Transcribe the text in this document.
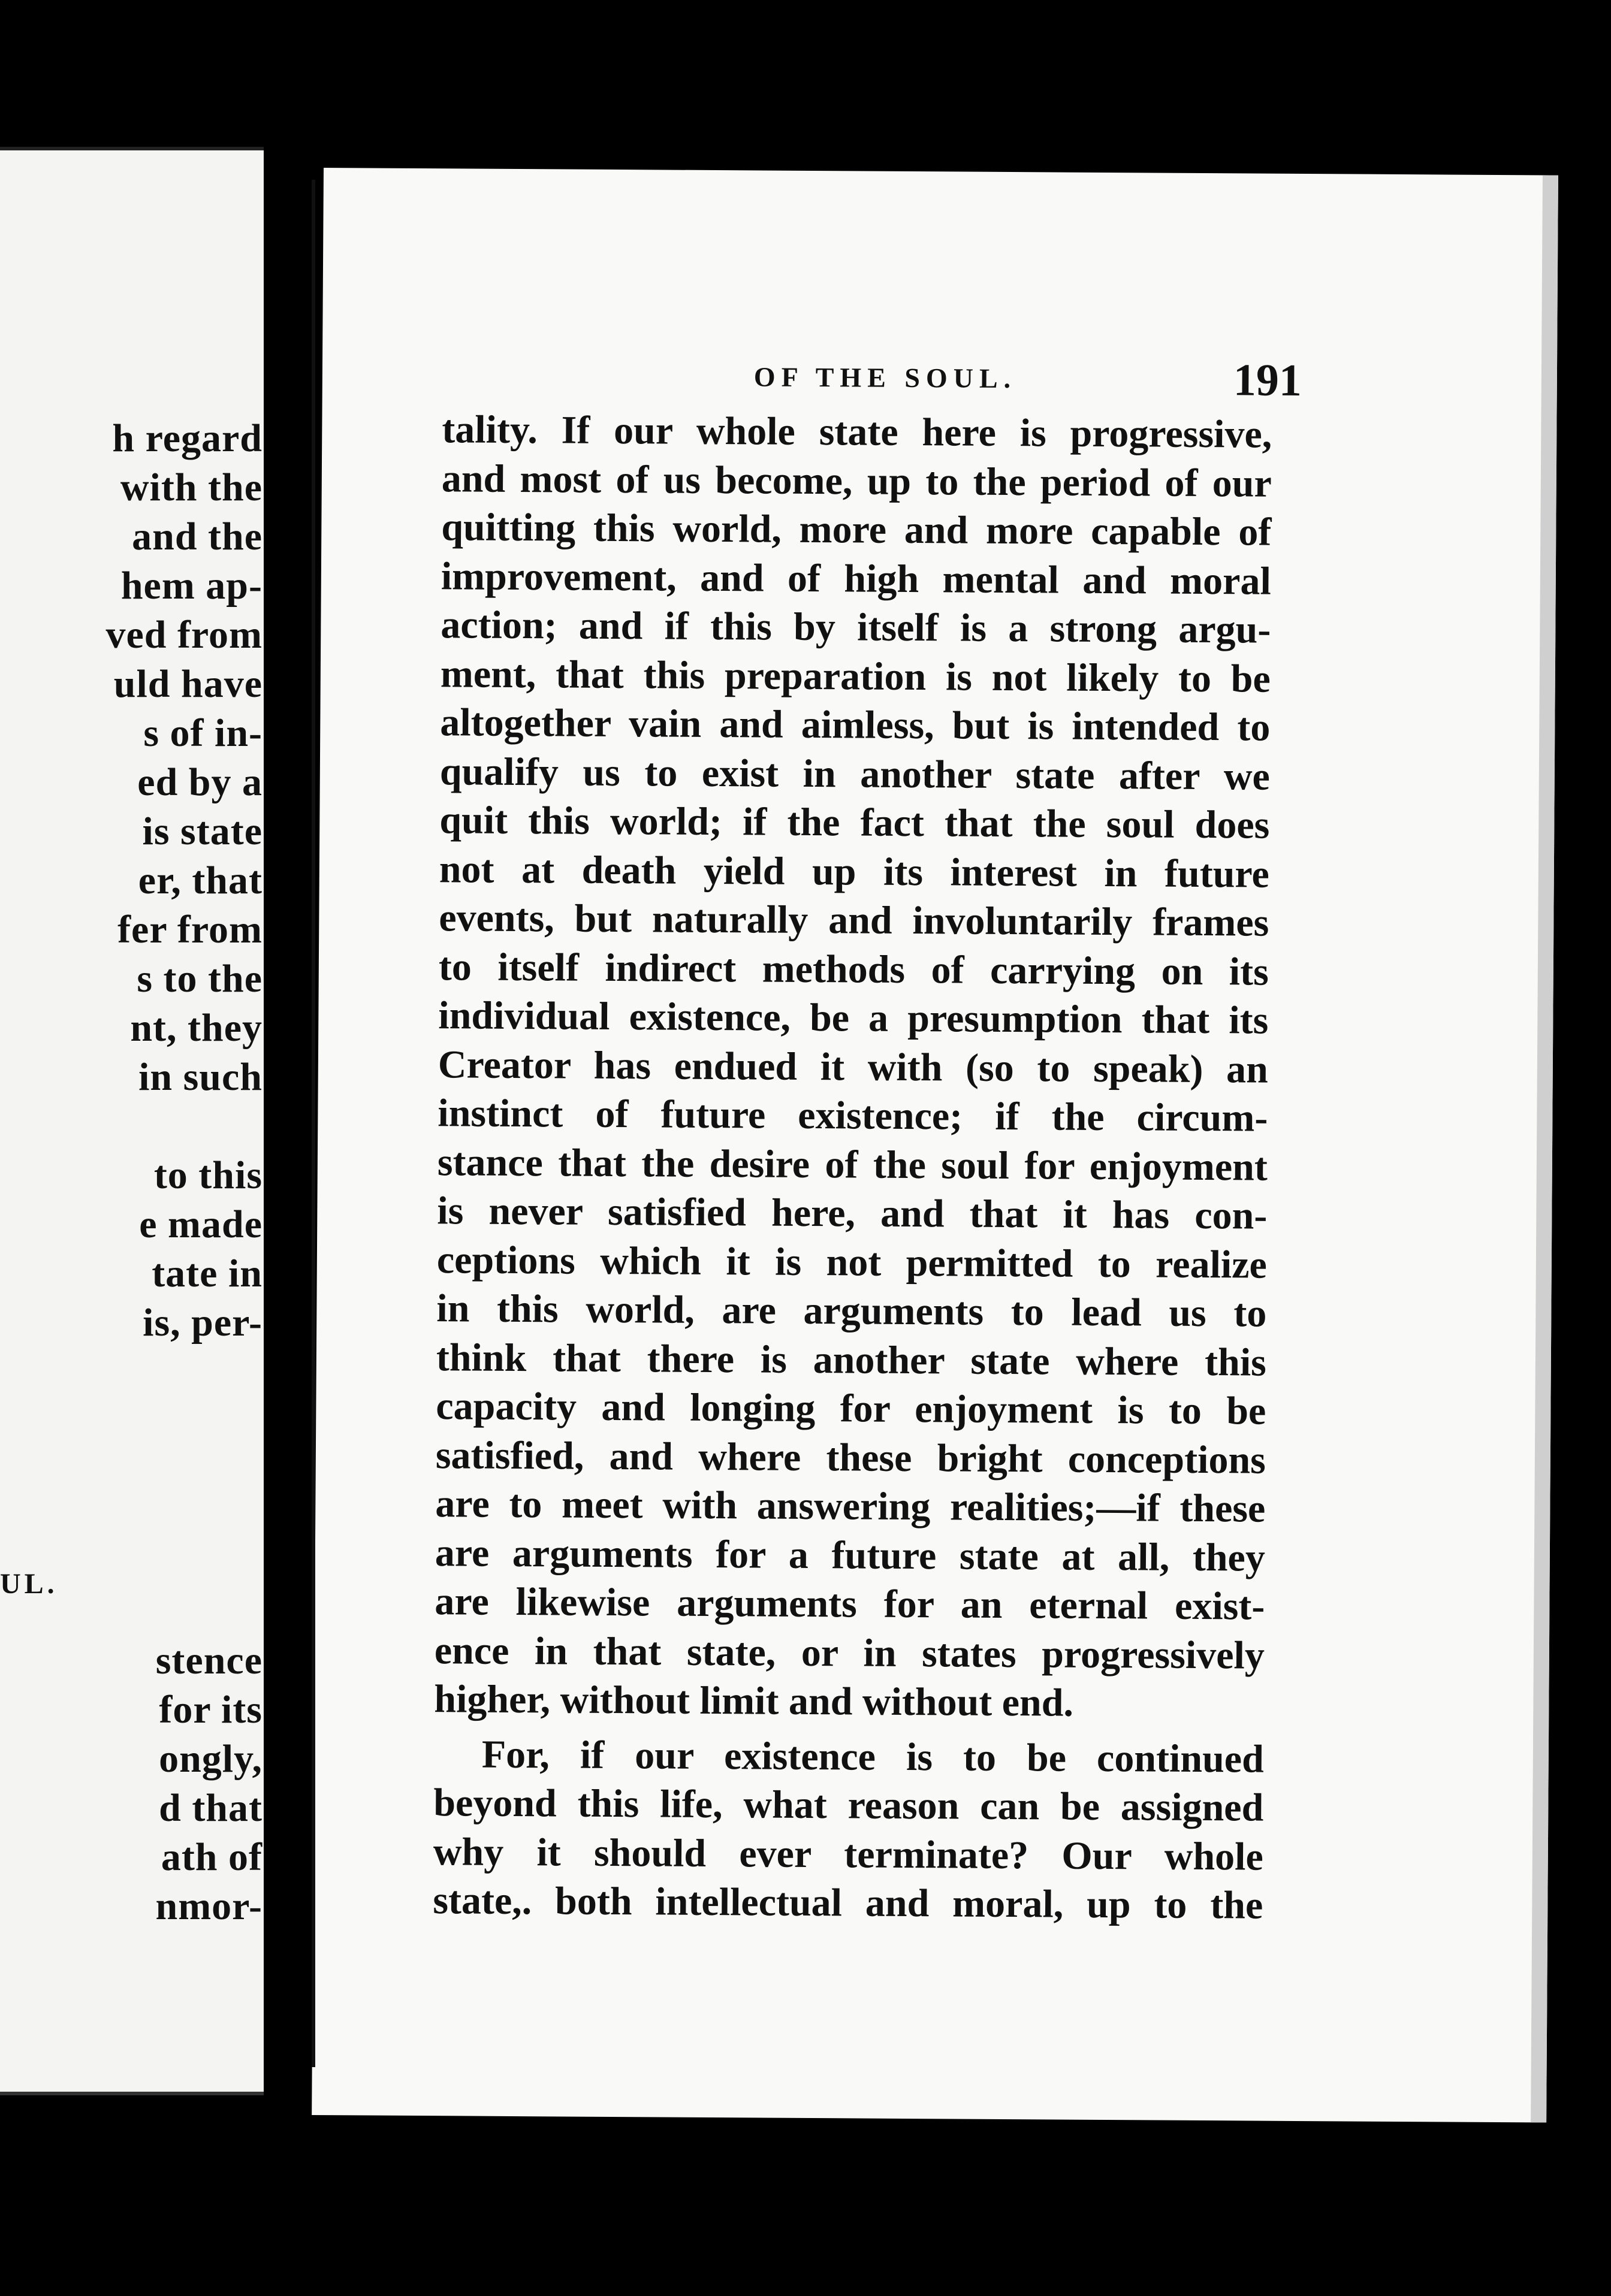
h regard
with the
and the
hem ap-
ved from
uld have
s of in-
ed by a
is state
er, that
fer from
s to the
nt, they
in such
to this
e made
tate in
is, per-
UL.
stence
for its
ongly,
d that
ath of
nmor-
OF THE SOUL.	191
tality. If our whole state here is progressive,
and most of us become, up to the period of our
quitting this world, more and more capable of
improvement, and of high mental and moral
action; and if this by itself is a strong argu-
ment, that this preparation is not likely to be
altogether vain and aimless, but is intended to
qualify us to exist in another state after we
quit this world; if the fact that the soul does
not at death yield up its interest in future
events, but naturally and involuntarily frames
to itself indirect methods of carrying on its
individual existence, be a presumption that its
Creator has endued it with (so to speak) an
instinct of future existence; if the circum-
stance that the desire of the soul for enjoyment
is never satisfied here, and that it has con-
ceptions which it is not permitted to realize
in this world, are arguments to lead us to
think that there is another state where this
capacity and longing for enjoyment is to be
satisfied, and where these bright conceptions
are to meet with answering realities;—if these
are arguments for a future state at all, they
are likewise arguments for an eternal exist-
ence in that state, or in states progressively
higher, without limit and without end.
For, if our existence is to be continued
beyond this life, what reason can be assigned
why it should ever terminate? Our whole
state,. both intellectual and moral, up to the
